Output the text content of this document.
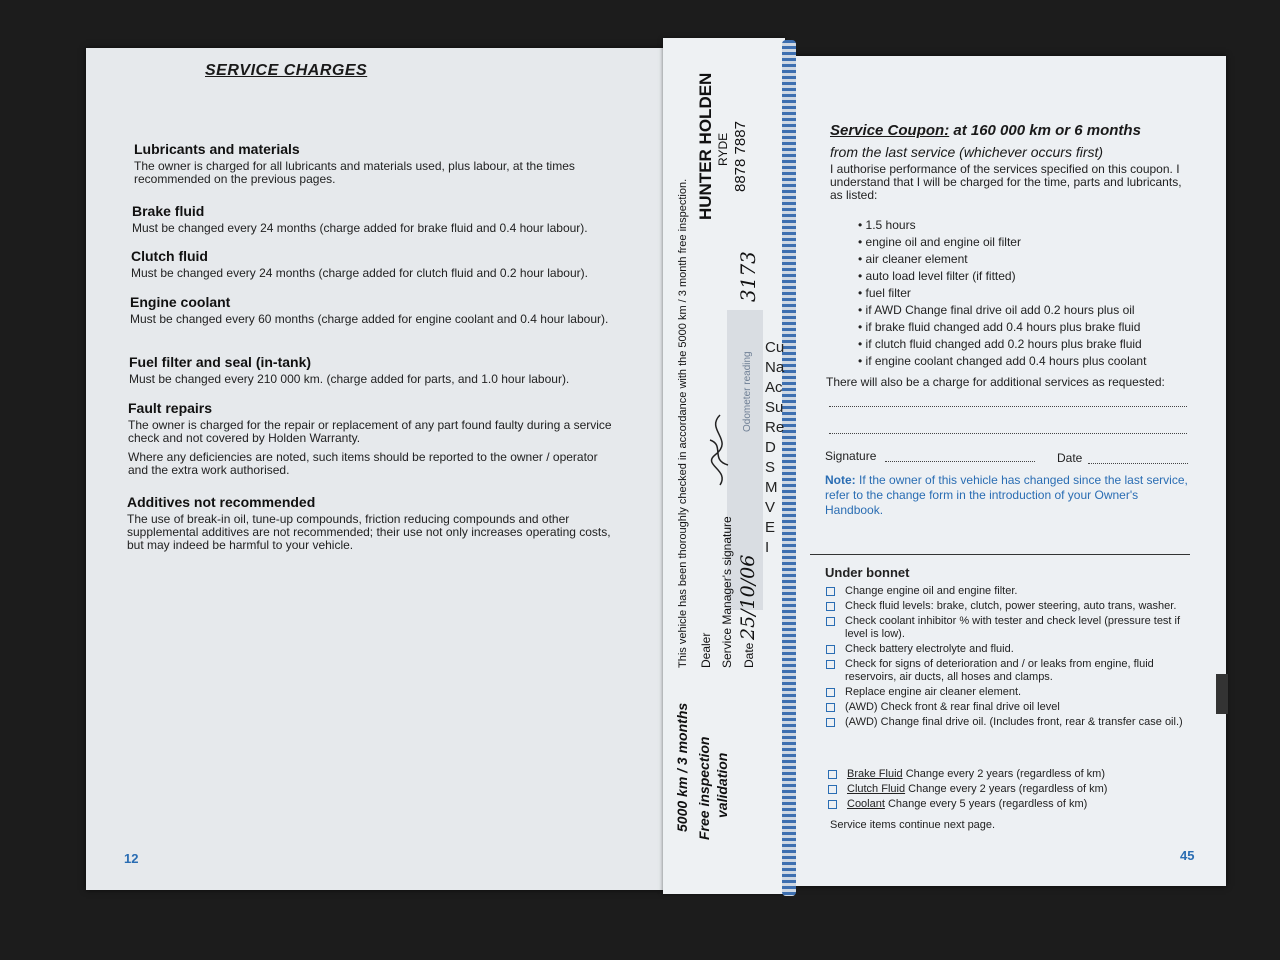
SERVICE CHARGES
Lubricants and materials

The owner is charged for all lubricants and materials used, plus labour, at the times recommended on the previous pages.

Brake fluid

Must be changed every 24 months (charge added for brake fluid and 0.4 hour labour).

Clutch fluid

Must be changed every 24 months (charge added for clutch fluid and 0.2 hour labour).

Engine coolant

Must be changed every 60 months (charge added for engine coolant and 0.4 hour labour).

Fuel filter and seal (in-tank)

Must be changed every 210 000 km. (charge added for parts, and 1.0 hour labour).

Fault repairs

The owner is charged for the repair or replacement of any part found faulty during a service check and not covered by Holden Warranty.

Where any deficiencies are noted, such items should be reported to the owner / operator and the extra work authorised.

Additives not recommended

The use of break-in oil, tune-up compounds, friction reducing compounds and other supplemental additives are not recommended; their use not only increases operating costs, but may indeed be harmful to your vehicle.

12
5000 km / 3 months Free inspection validation
This vehicle has been thoroughly checked in accordance with the 5000 km / 3 month free inspection. Dealer
HUNTER HOLDEN RYDE 8878 7887
Odometer reading
3173
Service Manager's signature Date
25/10/06
Cu
Na
Ac
Su
Re
D
S
M
V
E
I
Service Coupon: at 160 000 km or 6 months
from the last service (whichever occurs first)
I authorise performance of the services specified on this coupon. I understand that I will be charged for the time, parts and lubricants, as listed:
• 1.5 hours
• engine oil and engine oil filter
• air cleaner element
• auto load level filter (if fitted)
• fuel filter
• if AWD Change final drive oil add 0.2 hours plus oil
• if brake fluid changed add 0.4 hours plus brake fluid
• if clutch fluid changed add 0.2 hours plus brake fluid
• if engine coolant changed add 0.4 hours plus coolant
There will also be a charge for additional services as requested:
Signature	Date
Note: If the owner of this vehicle has changed since the last service, refer to the change form in the introduction of your Owner's Handbook.
Under bonnet
Change engine oil and engine filter.
Check fluid levels: brake, clutch, power steering, auto trans, washer.
Check coolant inhibitor % with tester and check level (pressure test if level is low).
Check battery electrolyte and fluid.
Check for signs of deterioration and / or leaks from engine, fluid reservoirs, air ducts, all hoses and clamps.
Replace engine air cleaner element.
(AWD) Check front & rear final drive oil level
(AWD) Change final drive oil. (Includes front, rear & transfer case oil.)
Brake Fluid Change every 2 years (regardless of km)
Clutch Fluid Change every 2 years (regardless of km)
Coolant Change every 5 years (regardless of km)
Service items continue next page.
45
